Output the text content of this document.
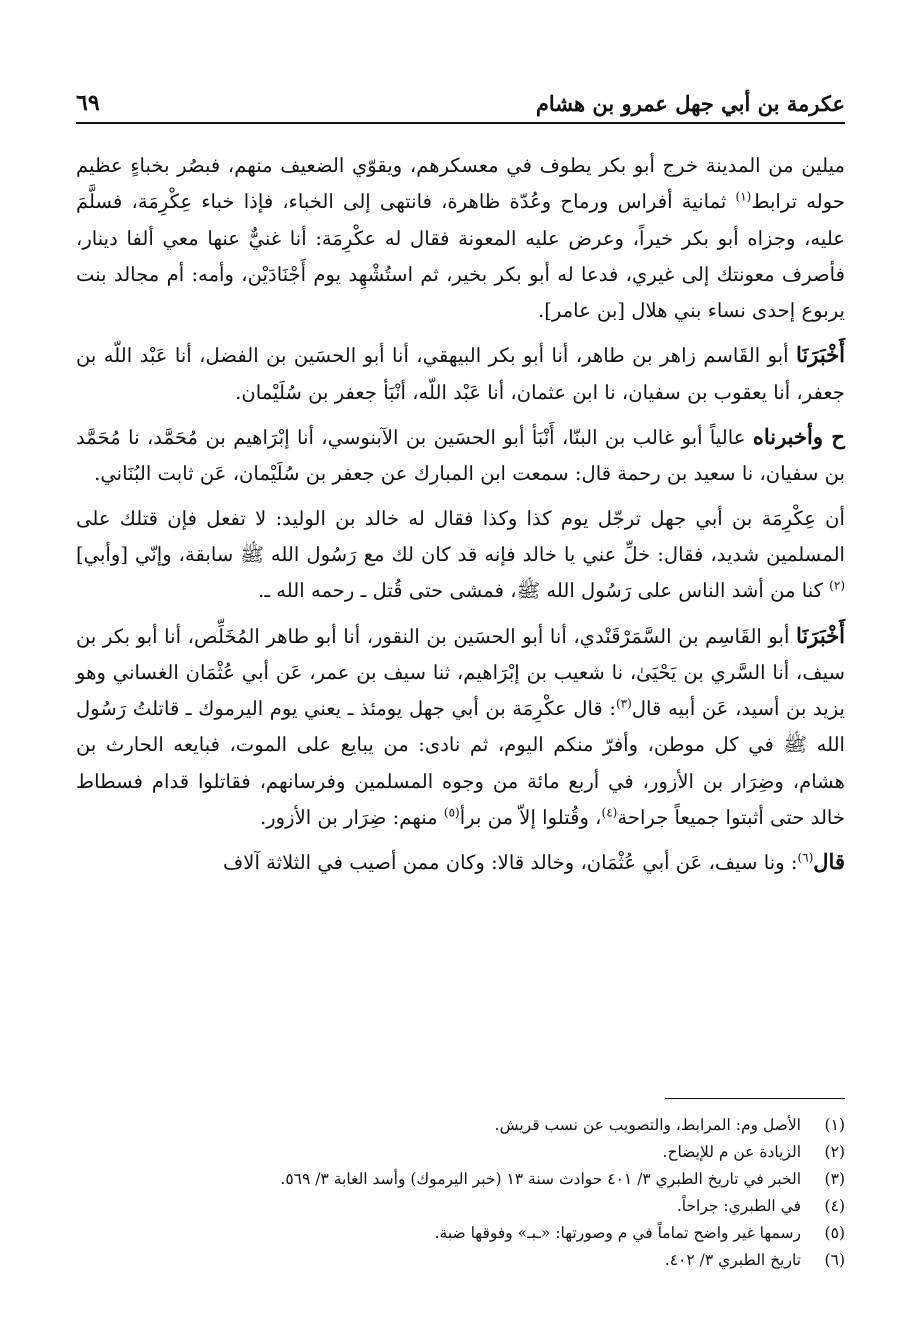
عكرمة بن أبي جهل عمرو بن هشام
٦٩

ميلين من المدينة خرج أبو بكر يطوف في معسكرهم، ويقوّي الضعيف منهم، فبصُر بخباءٍ عظيم حوله ترابط$^{(١)}$ ثمانية أفراس ورماح وعُدّة ظاهرة، فانتهى إلى الخباء، فإذا خباء عِكْرِمَة، فسلَّمَ عليه، وجزاه أبو بكر خيراً، وعرض عليه المعونة فقال له عكْرِمَة: أنا غنيٌّ عنها معي ألفا دينار، فأصرف معونتك إلى غيري، فدعا له أبو بكر بخير، ثم استُشْهِد يوم أَجْنَادَيْن، وأمه: أم مجالد بنت يربوع إحدى نساء بني هلال [بن عامر].

أَخْبَرَنَا أبو القَاسم زاهر بن طاهر، أنا أبو بكر البيهقي، أنا أبو الحسَين بن الفضل، أنا عَبْد اللّه بن جعفر، أنا يعقوب بن سفيان، نا ابن عثمان، أنا عَبْد اللّه، أنْبَأ جعفر بن سُلَيْمان.

ح وأخبرناه عالياً أبو غالب بن البنّا، أَنْبَأ أبو الحسَين بن الآبنوسي، أنا إبْرَاهيم بن مُحَمَّد، نا مُحَمَّد بن سفيان، نا سعيد بن رحمة قال: سمعت ابن المبارك عن جعفر بن سُلَيْمان، عَن ثابت البُنَاني.

أن عِكْرِمَة بن أبي جهل ترجّل يوم كذا وكذا فقال له خالد بن الوليد: لا تفعل فإن قتلك على المسلمين شديد، فقال: خلِّ عني يا خالد فإنه قد كان لك مع رَسُول الله ﷺ سابقة، وإنّي [وأبي]$^{(٢)}$ كنا من أشد الناس على رَسُول الله ﷺ، فمشى حتى قُتل ـ رحمه الله ـ.

أَخْبَرَنَا أبو القَاسِم بن السَّمَرْقَنْدي، أنا أبو الحسَين بن النقور، أنا أبو طاهر المُخَلِّص، أنا أبو بكر بن سيف، أنا السَّري بن يَحْيَىٰ، نا شعيب بن إبْرَاهيم، ثنا سيف بن عمر، عَن أبي عُثْمَان الغساني وهو يزيد بن أسيد، عَن أبيه قال$^{(٣)}$: قال عكْرِمَة بن أبي جهل يومئذ ـ يعني يوم اليرموك ـ قاتلتُ رَسُول الله ﷺ في كل موطن، وأفرّ منكم اليوم، ثم نادى: من يبايع على الموت، فبايعه الحارث بن هشام، وضِرَار بن الأزور، في أربع مائة من وجوه المسلمين وفرسانهم، فقاتلوا قدام فسطاط خالد حتى أثبتوا جميعاً جراحة$^{(٤)}$، وقُتلوا إلاّ من برأ$^{(٥)}$ منهم: ضِرَار بن الأزور.

قال$^{(٦)}$: ونا سيف، عَن أبي عُثْمَان، وخالد قالا: وكان ممن أصيب في الثلاثة آلاف

(١)
الأصل وم: المرابط، والتصويب عن نسب قريش.
(٢)
الزيادة عن م للإيضاح.
(٣)
الخبر في تاريخ الطبري ٣/ ٤٠١ حوادث سنة ١٣ (خبر اليرموك) وأسد الغابة ٣/ ٥٦٩.
(٤)
في الطبري: جراحاً.
(٥)
رسمها غير واضح تماماً في م وصورتها: «ـبـ» وفوقها ضبة.
(٦)
تاريخ الطبري ٣/ ٤٠٢.
